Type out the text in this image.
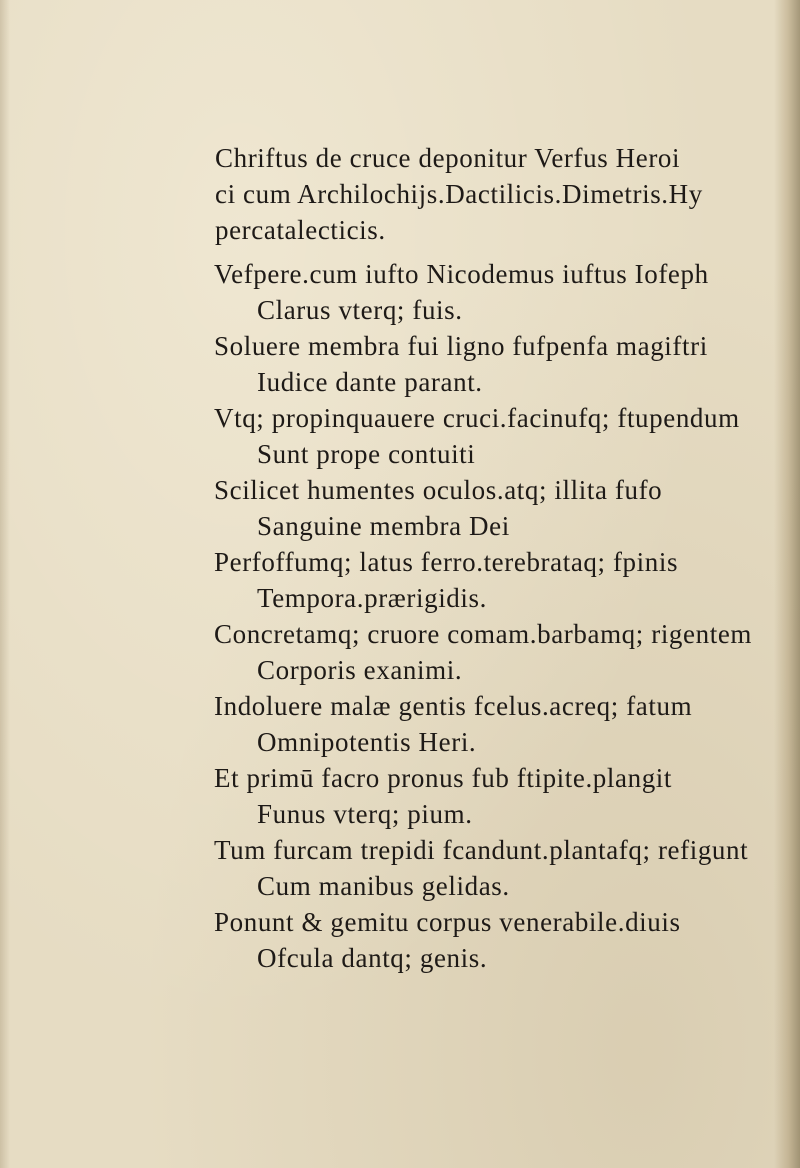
Chriftus de cruce deponitur Verfus Heroi
ci cum Archilochijs.Dactilicis.Dimetris.Hy
percatalecticis.
Vefpere.cum iufto Nicodemus iuftus Iofeph
Clarus vterq; fuis.
Soluere membra fui ligno fufpenfa magiftri
Iudice dante parant.
Vtq; propinquauere cruci.facinufq; ftupendum
Sunt prope contuiti
Scilicet humentes oculos.atq; illita fufo
Sanguine membra Dei
Perfoffumq; latus ferro.terebrataq; fpinis
Tempora.prærigidis.
Concretamq; cruore comam.barbamq; rigentem
Corporis exanimi.
Indoluere malæ gentis fcelus.acreq; fatum
Omnipotentis Heri.
Et primū facro pronus fub ftipite.plangit
Funus vterq; pium.
Tum furcam trepidi fcandunt.plantafq; refigunt
Cum manibus gelidas.
Ponunt & gemitu corpus venerabile.diuis
Ofcula dantq; genis.
